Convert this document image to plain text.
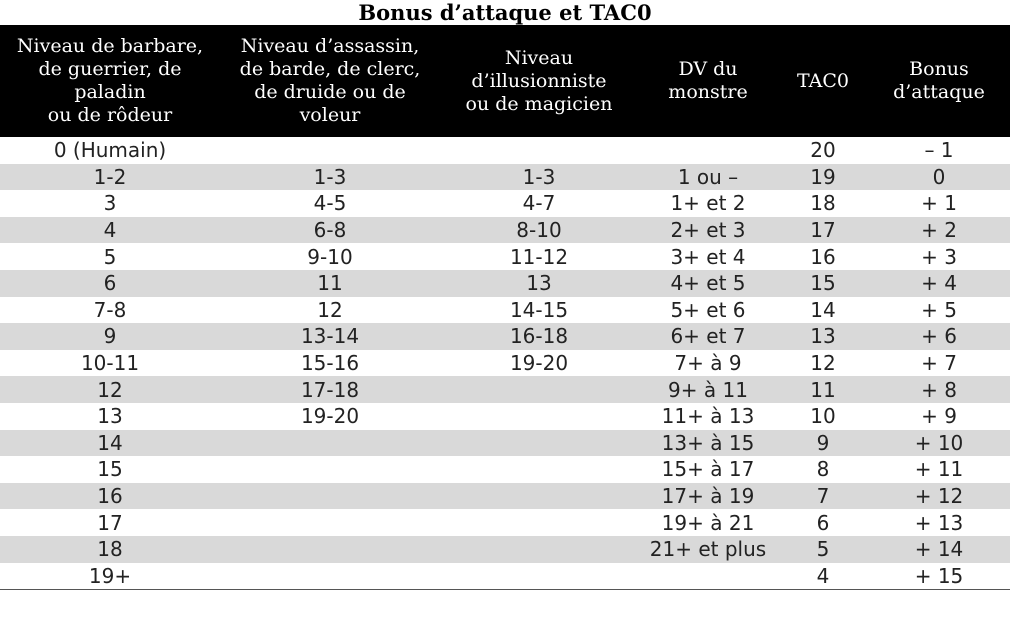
Bonus d’attaque et TAC0
Niveau de barbare,
de guerrier, de paladin
ou de rôdeur	Niveau d’assassin,
de barde, de clerc,
de druide ou de
voleur	Niveau
d’illusionniste
ou de magicien	DV du
monstre	TAC0	Bonus
d’attaque
0 (Humain)				20	– 1
1-2	1-3	1-3	1 ou –	19	0
3	4-5	4-7	1+ et 2	18	+ 1
4	6-8	8-10	2+ et 3	17	+ 2
5	9-10	11-12	3+ et 4	16	+ 3
6	11	13	4+ et 5	15	+ 4
7-8	12	14-15	5+ et 6	14	+ 5
9	13-14	16-18	6+ et 7	13	+ 6
10-11	15-16	19-20	7+ à 9	12	+ 7
12	17-18		9+ à 11	11	+ 8
13	19-20		11+ à 13	10	+ 9
14			13+ à 15	9	+ 10
15			15+ à 17	8	+ 11
16			17+ à 19	7	+ 12
17			19+ à 21	6	+ 13
18			21+ et plus	5	+ 14
19+				4	+ 15
